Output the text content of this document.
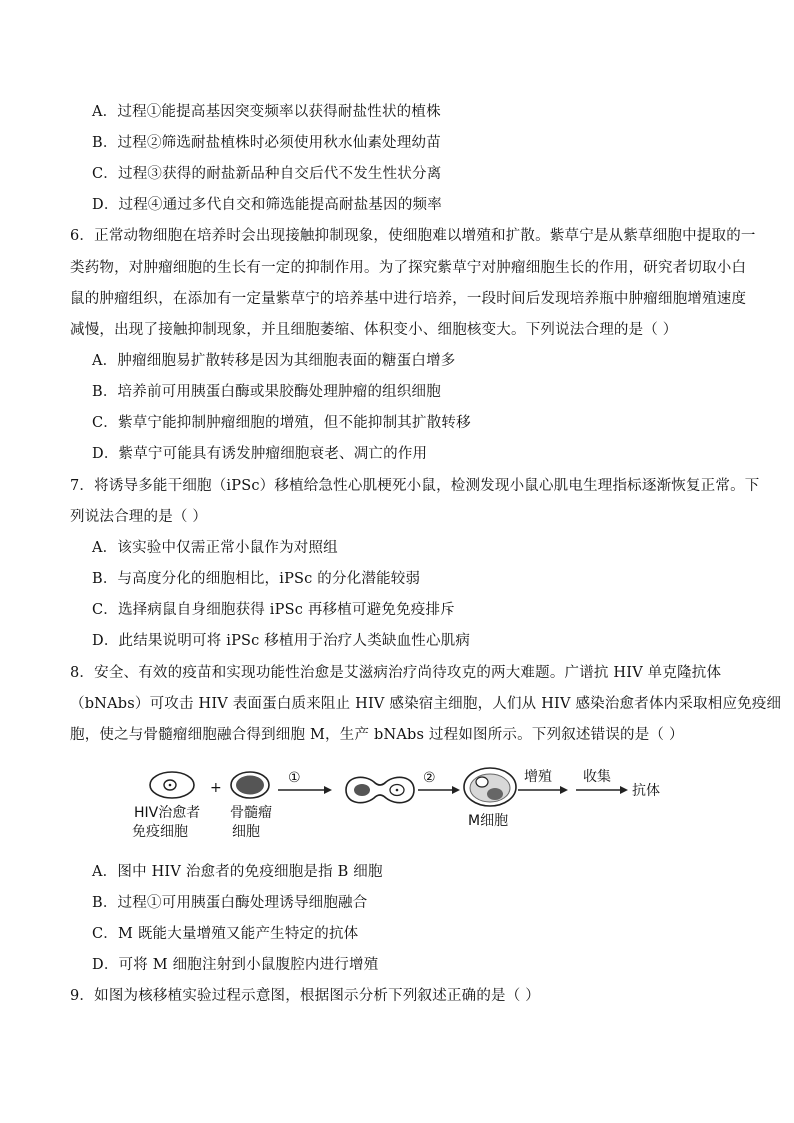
A．过程①能提高基因突变频率以获得耐盐性状的植株
B．过程②筛选耐盐植株时必须使用秋水仙素处理幼苗
C．过程③获得的耐盐新品种自交后代不发生性状分离
D．过程④通过多代自交和筛选能提高耐盐基因的频率
6．正常动物细胞在培养时会出现接触抑制现象，使细胞难以增殖和扩散。紫草宁是从紫草细胞中提取的一
类药物，对肿瘤细胞的生长有一定的抑制作用。为了探究紫草宁对肿瘤细胞生长的作用，研究者切取小白
鼠的肿瘤组织，在添加有一定量紫草宁的培养基中进行培养，一段时间后发现培养瓶中肿瘤细胞增殖速度
减慢，出现了接触抑制现象，并且细胞萎缩、体积变小、细胞核变大。下列说法合理的是（ ）
A．肿瘤细胞易扩散转移是因为其细胞表面的糖蛋白增多
B．培养前可用胰蛋白酶或果胶酶处理肿瘤的组织细胞
C．紫草宁能抑制肿瘤细胞的增殖，但不能抑制其扩散转移
D．紫草宁可能具有诱发肿瘤细胞衰老、凋亡的作用
7．将诱导多能干细胞（iPSc）移植给急性心肌梗死小鼠，检测发现小鼠心肌电生理指标逐渐恢复正常。下
列说法合理的是（ ）
A．该实验中仅需正常小鼠作为对照组
B．与高度分化的细胞相比，iPSc 的分化潜能较弱
C．选择病鼠自身细胞获得 iPSc 再移植可避免免疫排斥
D．此结果说明可将 iPSc 移植用于治疗人类缺血性心肌病
8．安全、有效的疫苗和实现功能性治愈是艾滋病治疗尚待攻克的两大难题。广谱抗 HIV 单克隆抗体
（bNAbs）可攻击 HIV 表面蛋白质来阻止 HIV 感染宿主细胞，人们从 HIV 感染治愈者体内采取相应免疫细
胞，使之与骨髓瘤细胞融合得到细胞 M，生产 bNAbs 过程如图所示。下列叙述错误的是（ ）
+
①	②	增殖 收集
抗体
HIV治愈者
免疫细胞
骨髓瘤
细胞
M细胞
A．图中 HIV 治愈者的免疫细胞是指 B 细胞
B．过程①可用胰蛋白酶处理诱导细胞融合
C．M 既能大量增殖又能产生特定的抗体
D．可将 M 细胞注射到小鼠腹腔内进行增殖
9．如图为核移植实验过程示意图，根据图示分析下列叙述正确的是（ ）
